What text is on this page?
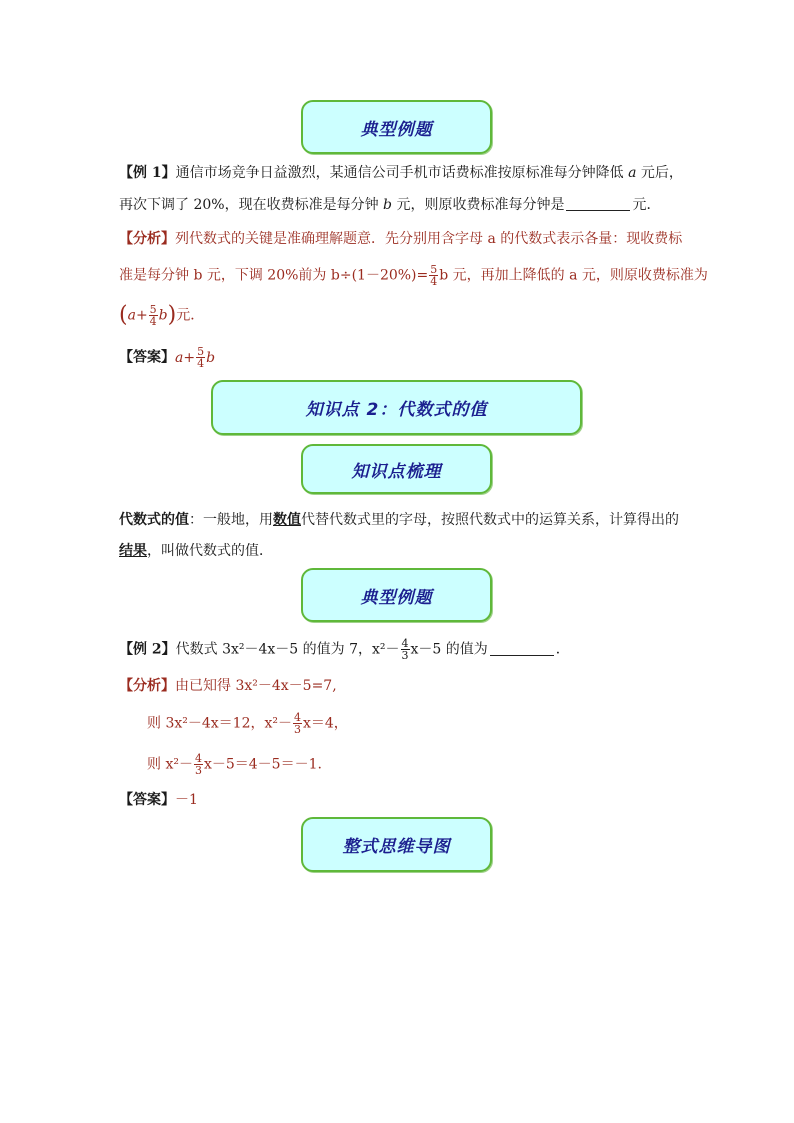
典型例题
【例 1】通信市场竞争日益激烈，某通信公司手机市话费标准按原标准每分钟降低 a 元后，
再次下调了 20%，现在收费标准是每分钟 b 元，则原收费标准每分钟是	元．
【分析】列代数式的关键是准确理解题意．先分别用含字母 a 的代数式表示各量：现收费标
准是每分钟 b 元，下调 20%前为 $b\div(1-20\%)= \frac{5}{4}$ b 元，再加上降低的 a 元，则原收费标准为
$(a+ \frac{5}{4} b)$元．
【答案】$a+ \frac{5}{4}$ b
知识点 2：代数式的值
知识点梳理
代数式的值：一般地，用数值代替代数式里的字母，按照代数式中的运算关系，计算得出的
结果，叫做代数式的值．
典型例题
【例 2】代数式 3x²－4x－5 的值为 7，$x^2- \frac{4}{3} x-5$ 的值为	．
【分析】由已知得 3x²－4x－5=7,
则 3x²－4x＝12，$x^2- \frac{4}{3} x=4$，
则 $x^2- \frac{4}{3} x-5=4-5=-1$.
【答案】－1
整式思维导图
